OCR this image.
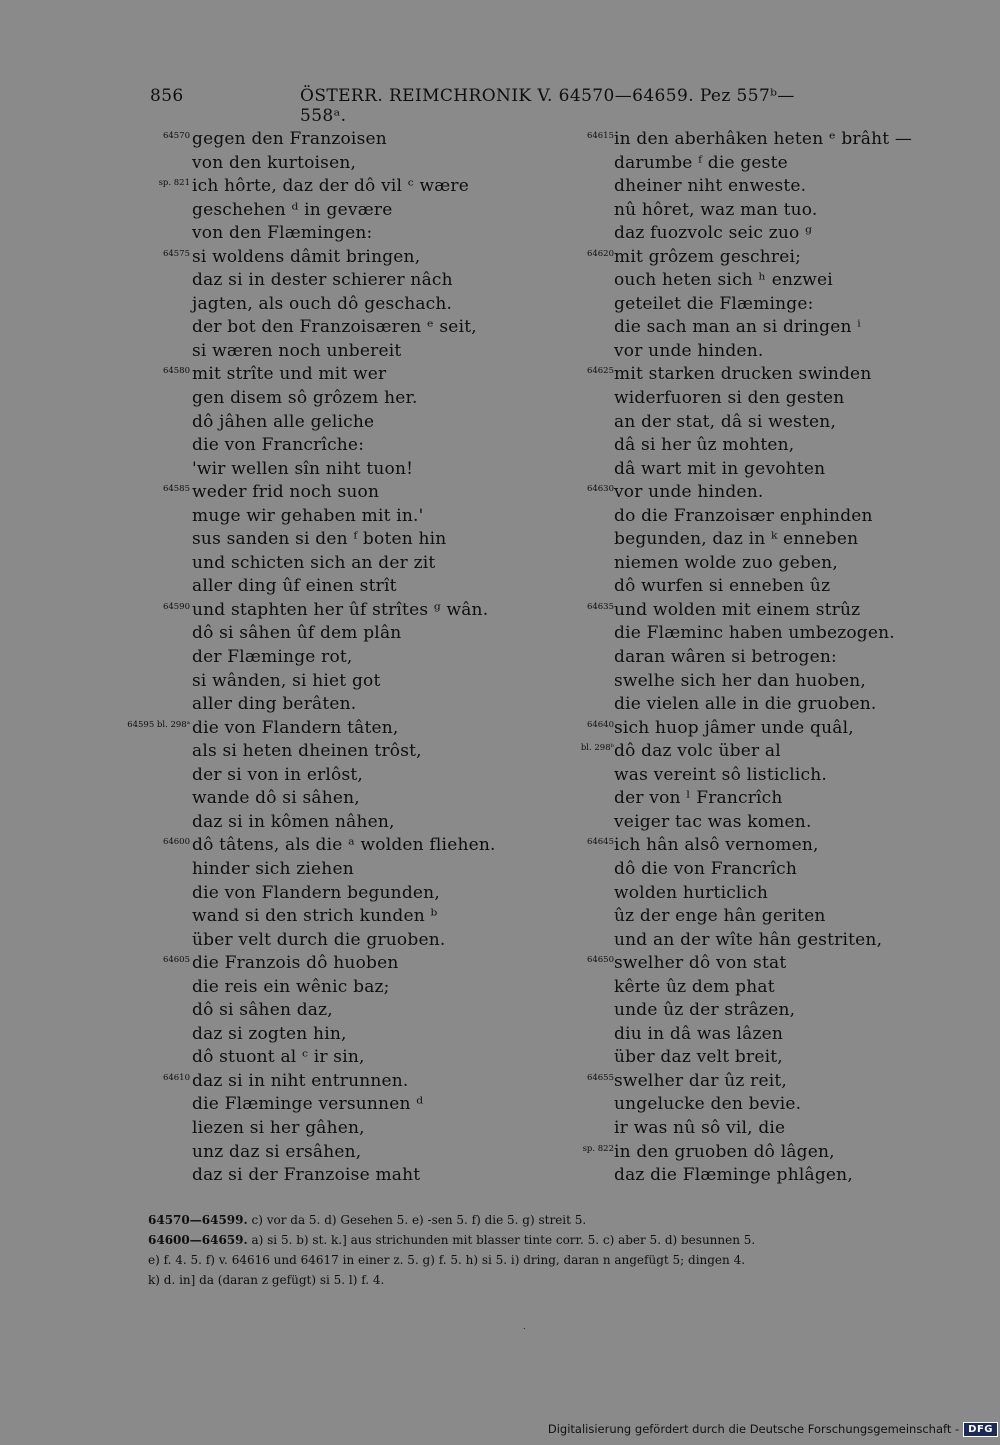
856	ÖSTERR. REIMCHRONIK V. 64570—64659. Pez 557ᵇ—558ᵃ.
64570 gegen den Franzoisen
von den kurtoisen,
sp. 821 ich hôrte, daz der dô vil ᶜ wære
geschehen ᵈ in gevære
von den Flæmingen:
64575 si woldens dâmit bringen,
daz si in dester schierer nâch
jagten, als ouch dô geschach.
der bot den Franzoisæren ᵉ seit,
si wæren noch unbereit
64580 mit strîte und mit wer
gen disem sô grôzem her.
dô jâhen alle geliche
die von Francrîche:
'wir wellen sîn niht tuon!
64585 weder frid noch suon
muge wir gehaben mit in.'
sus sanden si den ᶠ boten hin
und schicten sich an der zit
aller ding ûf einen strît
64590 und staphten her ûf strîtes ᵍ wân.
dô si sâhen ûf dem plân
der Flæminge rot,
si wânden, si hiet got
aller ding berâten.
64595 bl. 298ᵃ die von Flandern tâten,
als si heten dheinen trôst,
der si von in erlôst,
wande dô si sâhen,
daz si in kômen nâhen,
64600 dô tâtens, als die ᵃ wolden fliehen.
hinder sich ziehen
die von Flandern begunden,
wand si den strich kunden ᵇ
über velt durch die gruoben.
64605 die Franzois dô huoben
die reis ein wênic baz;
dô si sâhen daz,
daz si zogten hin,
dô stuont al ᶜ ir sin,
64610 daz si in niht entrunnen.
die Flæminge versunnen ᵈ
liezen si her gâhen,
unz daz si ersâhen,
daz si der Franzoise maht
64615 in den aberhâken heten ᵉ brâht —
darumbe ᶠ die geste
dheiner niht enweste.
nû hôret, waz man tuo.
daz fuozvolc seic zuo ᵍ
64620 mit grôzem geschrei;
ouch heten sich ʰ enzwei
geteilet die Flæminge:
die sach man an si dringen ⁱ
vor unde hinden.
64625 mit starken drucken swinden
widerfuoren si den gesten
an der stat, dâ si westen,
dâ si her ûz mohten,
dâ wart mit in gevohten
64630 vor unde hinden.
do die Franzoisær enphinden
begunden, daz in ᵏ enneben
niemen wolde zuo geben,
dô wurfen si enneben ûz
64635 und wolden mit einem strûz
die Flæminc haben umbezogen.
daran wâren si betrogen:
swelhe sich her dan huoben,
die vielen alle in die gruoben.
64640 sich huop jâmer unde quâl,
bl. 298ᵇ dô daz volc über al
was vereint sô listiclich.
der von ˡ Francrîch
veiger tac was komen.
64645 ich hân alsô vernomen,
dô die von Francrîch
wolden hurticlich
ûz der enge hân geriten
und an der wîte hân gestriten,
64650 swelher dô von stat
kêrte ûz dem phat
unde ûz der strâzen,
diu in dâ was lâzen
über daz velt breit,
64655 swelher dar ûz reit,
ungelucke den bevie.
ir was nû sô vil, die
sp. 822 in den gruoben dô lâgen,
daz die Flæminge phlâgen,
64570—64599. c) vor da 5. d) Gesehen 5. e) -sen 5. f) die 5. g) streit 5.
64600—64659. a) si 5. b) st. k.] aus strichunden mit blasser tinte corr. 5. c) aber 5. d) besunnen 5.
e) f. 4. 5. f) v. 64616 und 64617 in einer z. 5. g) f. 5. h) si 5. i) dring, daran n angefügt 5; dingen 4.
k) d. in] da (daran z gefügt) si 5. l) f. 4.
.
Digitalisierung gefördert durch die Deutsche Forschungsgemeinschaft - DFG
